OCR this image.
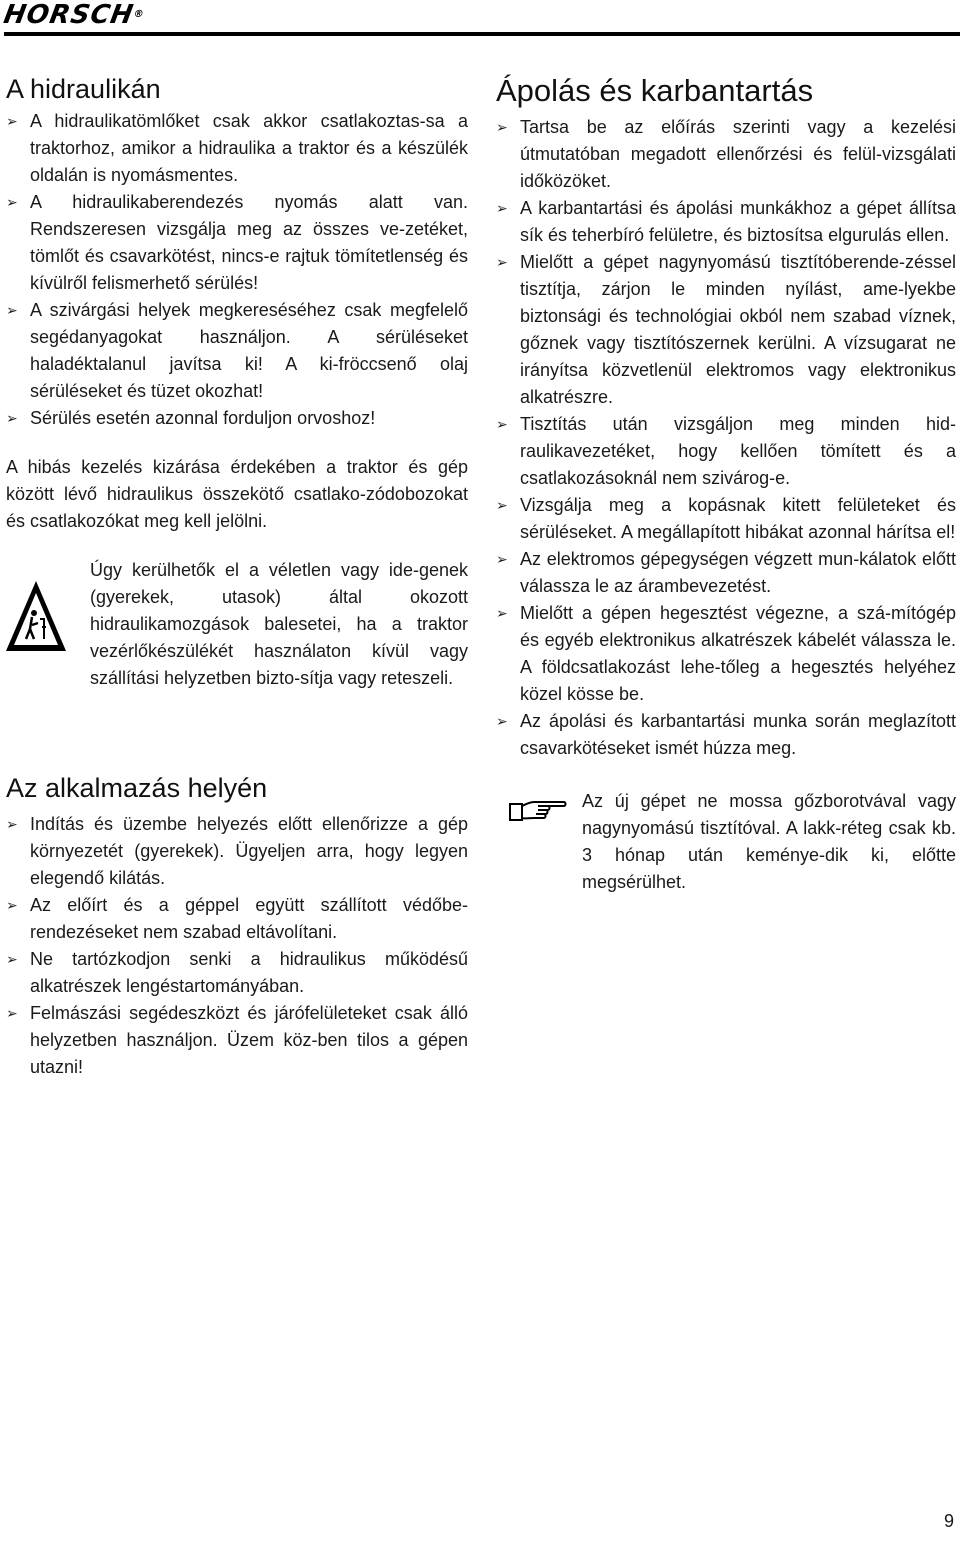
HORSCH®
A hidraulikán
➢ A hidraulikatömlőket csak akkor csatlakoztas-sa a traktorhoz, amikor a hidraulika a traktor és a készülék oldalán is nyomásmentes.
➢ A hidraulikaberendezés nyomás alatt van. Rendszeresen vizsgálja meg az összes ve-zetéket, tömlőt és csavarkötést, nincs-e rajtuk tömítetlenség és kívülről felismerhető sérülés!
➢ A szivárgási helyek megkereséséhez csak megfelelő segédanyagokat használjon. A sérüléseket haladéktalanul javítsa ki! A ki-fröccsenő olaj sérüléseket és tüzet okozhat!
➢ Sérülés esetén azonnal forduljon orvoshoz!

A hibás kezelés kizárása érdekében a traktor és gép között lévő hidraulikus összekötő csatlako-zódobozokat és csatlakozókat meg kell jelölni.

Úgy kerülhetők el a véletlen vagy ide-genek (gyerekek, utasok) által okozott hidraulikamozgások balesetei, ha a traktor vezérlőkészülékét használaton kívül vagy szállítási helyzetben bizto-sítja vagy reteszeli.

Az alkalmazás helyén
➢ Indítás és üzembe helyezés előtt ellenőrizze a gép környezetét (gyerekek). Ügyeljen arra, hogy legyen elegendő kilátás.
➢ Az előírt és a géppel együtt szállított védőbe-rendezéseket nem szabad eltávolítani.
➢ Ne tartózkodjon senki a hidraulikus működésű alkatrészek lengéstartományában.
➢ Felmászási segédeszközt és járófelületeket csak álló helyzetben használjon. Üzem köz-ben tilos a gépen utazni!
Ápolás és karbantartás
➢ Tartsa be az előírás szerinti vagy a kezelési útmutatóban megadott ellenőrzési és felül-vizsgálati időközöket.
➢ A karbantartási és ápolási munkákhoz a gépet állítsa sík és teherbíró felületre, és biztosítsa elgurulás ellen.
➢ Mielőtt a gépet nagynyomású tisztítóberende-zéssel tisztítja, zárjon le minden nyílást, ame-lyekbe biztonsági és technológiai okból nem szabad víznek, gőznek vagy tisztítószernek kerülni. A vízsugarat ne irányítsa közvetlenül elektromos vagy elektronikus alkatrészre.
➢ Tisztítás után vizsgáljon meg minden hid-raulikavezetéket, hogy kellően tömített és a csatlakozásoknál nem szivárog-e.
➢ Vizsgálja meg a kopásnak kitett felületeket és sérüléseket. A megállapított hibákat azonnal hárítsa el!
➢ Az elektromos gépegységen végzett mun-kálatok előtt válassza le az árambevezetést.
➢ Mielőtt a gépen hegesztést végezne, a szá-mítógép és egyéb elektronikus alkatrészek kábelét válassza le. A földcsatlakozást lehe-tőleg a hegesztés helyéhez közel kösse be.
➢ Az ápolási és karbantartási munka során meglazított csavarkötéseket ismét húzza meg.

Az új gépet ne mossa gőzborotvával vagy nagynyomású tisztítóval. A lakk-réteg csak kb. 3 hónap után keménye-dik ki, előtte megsérülhet.

9
